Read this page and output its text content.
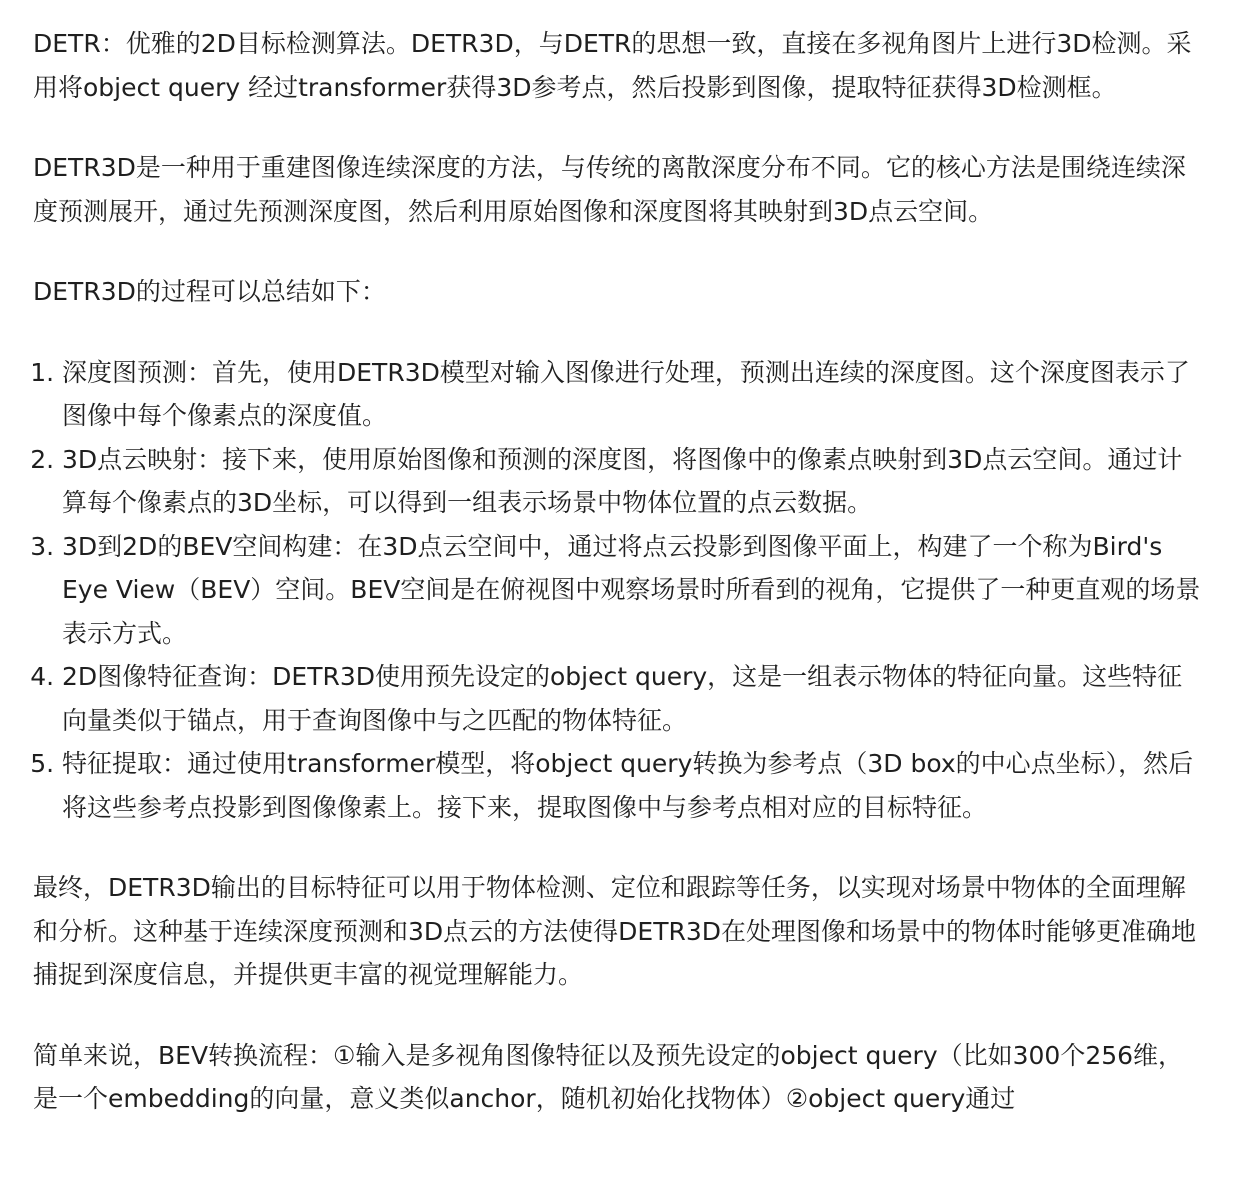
DETR：优雅的2D目标检测算法。DETR3D，与DETR的思想一致，直接在多视角图片上进行3D检测。采用将object query 经过transformer获得3D参考点，然后投影到图像，提取特征获得3D检测框。

DETR3D是一种用于重建图像连续深度的方法，与传统的离散深度分布不同。它的核心方法是围绕连续深度预测展开，通过先预测深度图，然后利用原始图像和深度图将其映射到3D点云空间。

DETR3D的过程可以总结如下：

1. 深度图预测：首先，使用DETR3D模型对输入图像进行处理，预测出连续的深度图。这个深度图表示了图像中每个像素点的深度值。
2. 3D点云映射：接下来，使用原始图像和预测的深度图，将图像中的像素点映射到3D点云空间。通过计算每个像素点的3D坐标，可以得到一组表示场景中物体位置的点云数据。
3. 3D到2D的BEV空间构建：在3D点云空间中，通过将点云投影到图像平面上，构建了一个称为Bird's Eye View（BEV）空间。BEV空间是在俯视图中观察场景时所看到的视角，它提供了一种更直观的场景表示方式。
4. 2D图像特征查询：DETR3D使用预先设定的object query，这是一组表示物体的特征向量。这些特征向量类似于锚点，用于查询图像中与之匹配的物体特征。
5. 特征提取：通过使用transformer模型，将object query转换为参考点（3D box的中心点坐标），然后将这些参考点投影到图像像素上。接下来，提取图像中与参考点相对应的目标特征。

最终，DETR3D输出的目标特征可以用于物体检测、定位和跟踪等任务，以实现对场景中物体的全面理解和分析。这种基于连续深度预测和3D点云的方法使得DETR3D在处理图像和场景中的物体时能够更准确地捕捉到深度信息，并提供更丰富的视觉理解能力。

简单来说，BEV转换流程：①输入是多视角图像特征以及预先设定的object query（比如300个256维，是一个embedding的向量，意义类似anchor，随机初始化找物体）②object query通过
